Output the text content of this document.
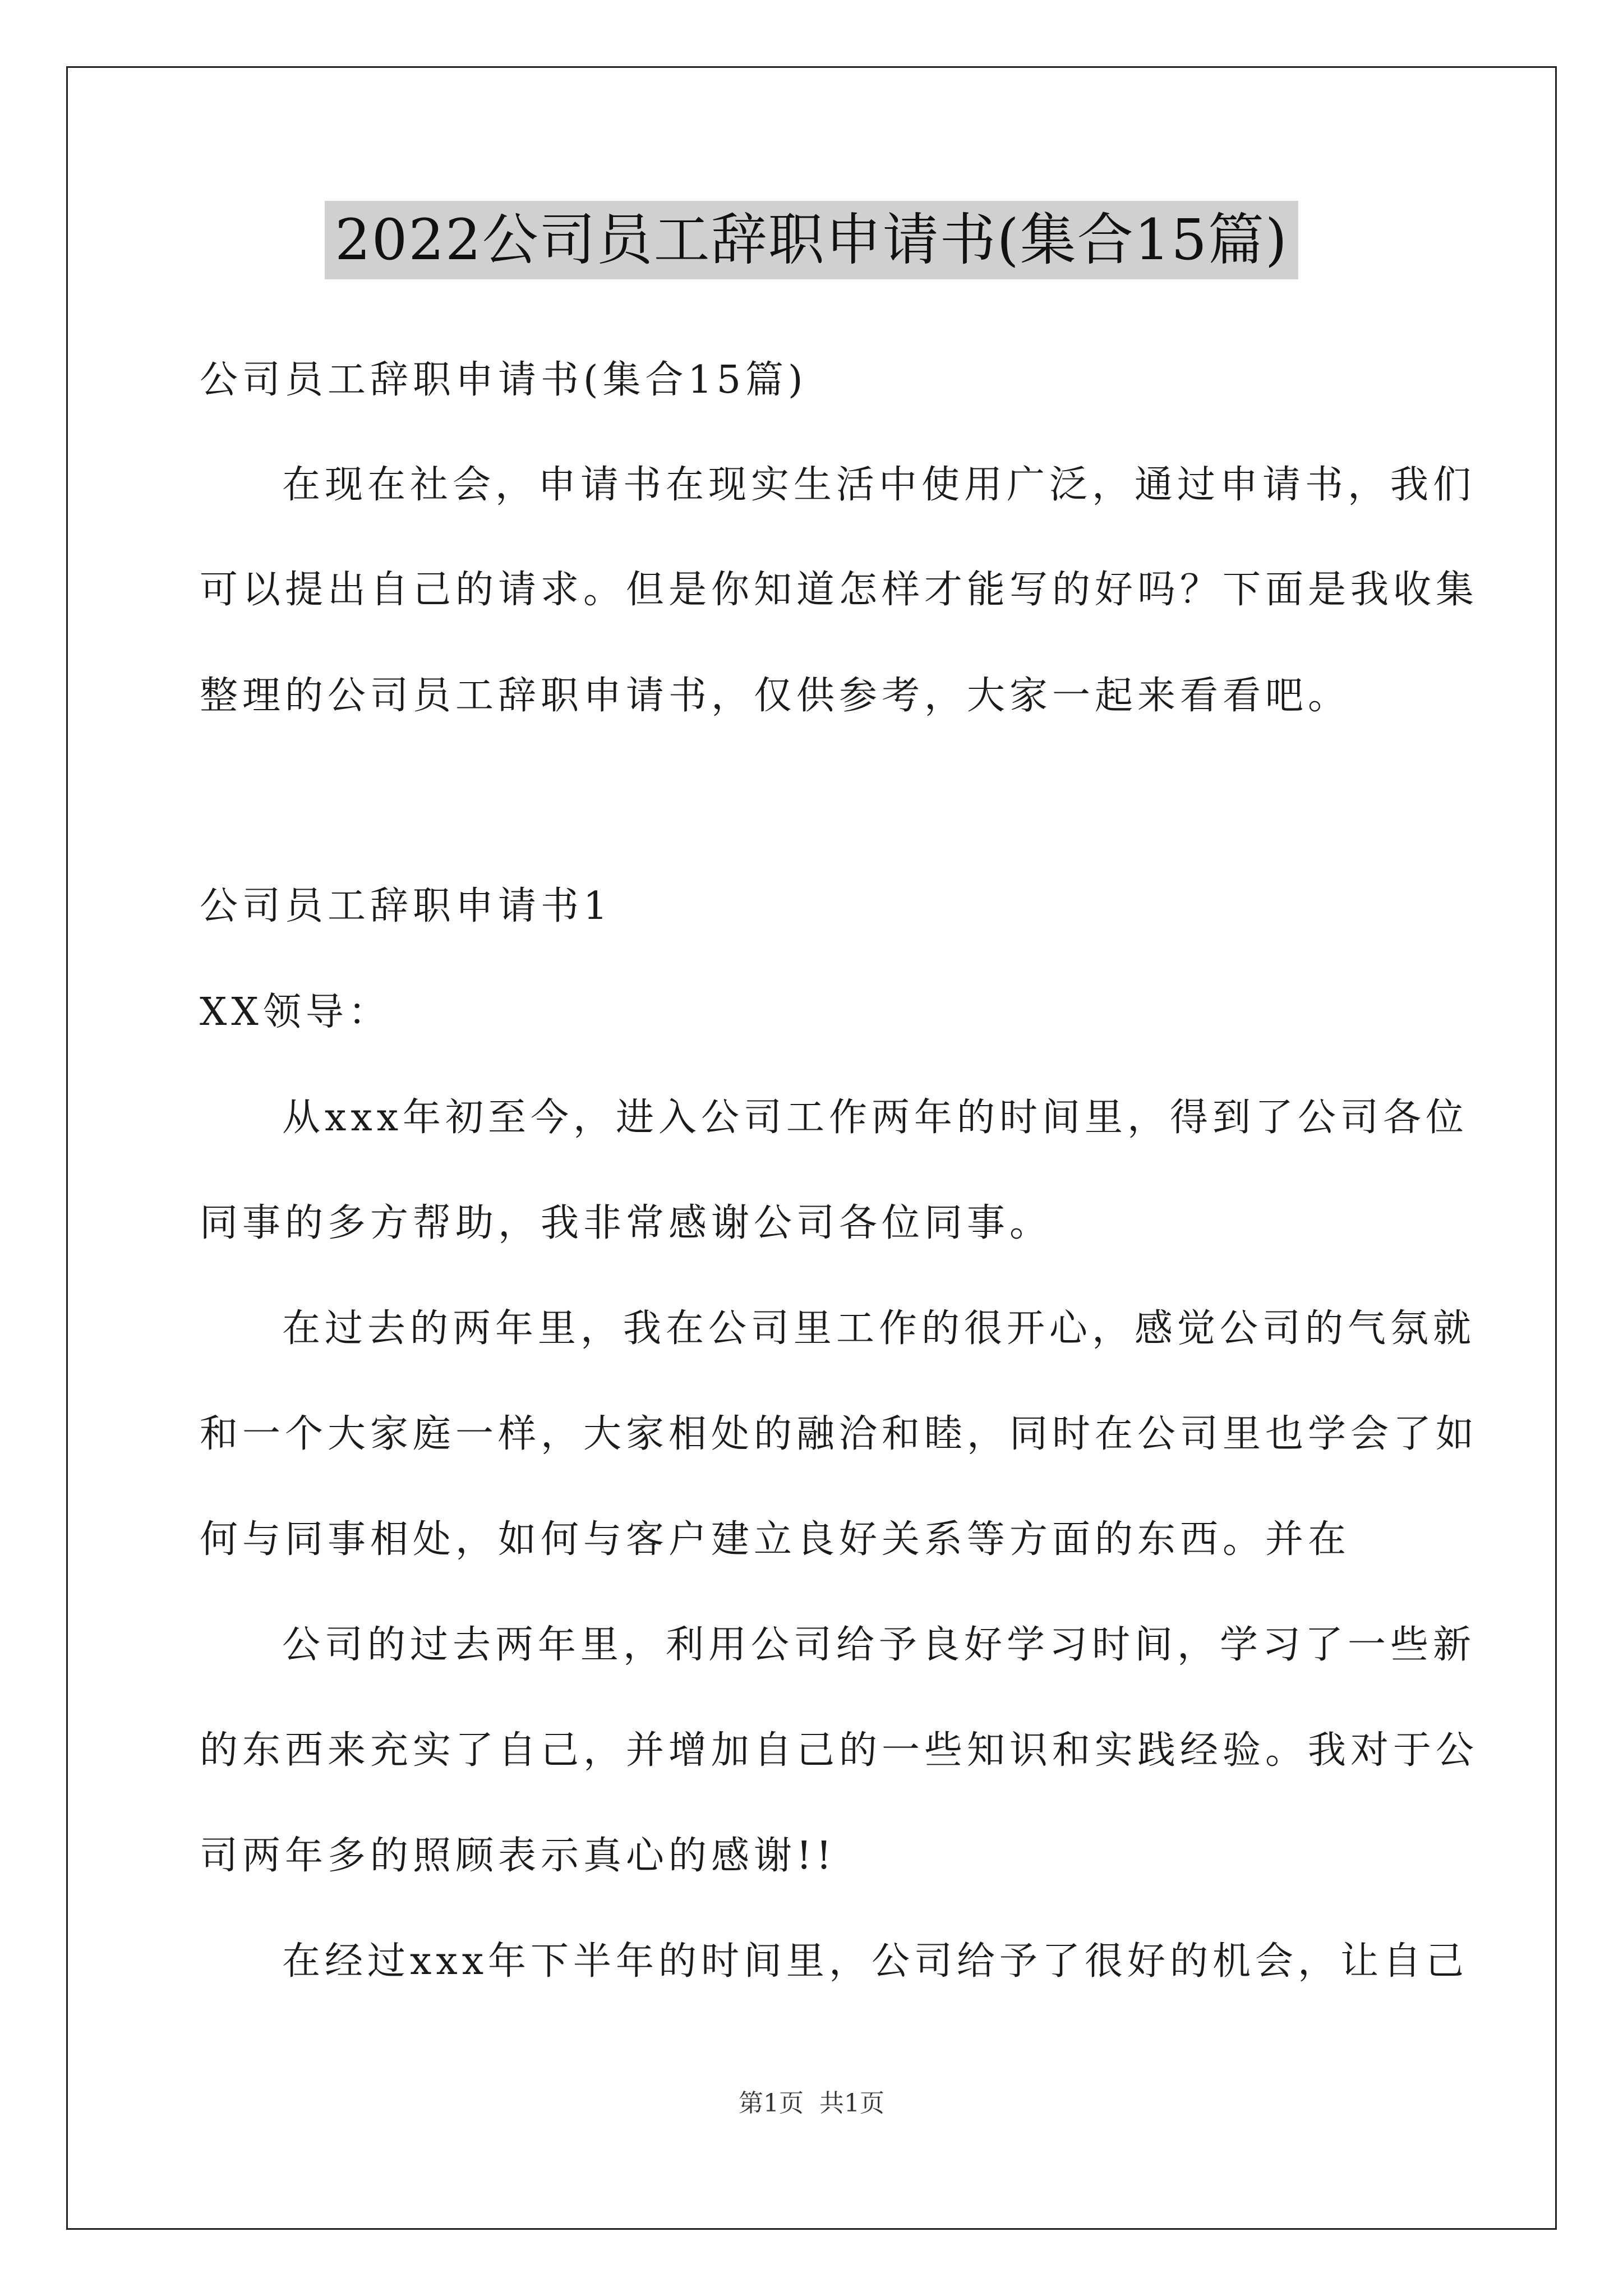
2022公司员工辞职申请书(集合15篇)
公司员工辞职申请书(集合15篇)
在现在社会，申请书在现实生活中使用广泛，通过申请书，我们
可以提出自己的请求。但是你知道怎样才能写的好吗？下面是我收集
整理的公司员工辞职申请书，仅供参考，大家一起来看看吧。
公司员工辞职申请书1
XX领导：
从xxx年初至今，进入公司工作两年的时间里，得到了公司各位
同事的多方帮助，我非常感谢公司各位同事。
在过去的两年里，我在公司里工作的很开心，感觉公司的气氛就
和一个大家庭一样，大家相处的融洽和睦，同时在公司里也学会了如
何与同事相处，如何与客户建立良好关系等方面的东西。并在
公司的过去两年里，利用公司给予良好学习时间，学习了一些新
的东西来充实了自己，并增加自己的一些知识和实践经验。我对于公
司两年多的照顾表示真心的感谢!!
在经过xxx年下半年的时间里，公司给予了很好的机会，让自己
第1页 共1页
